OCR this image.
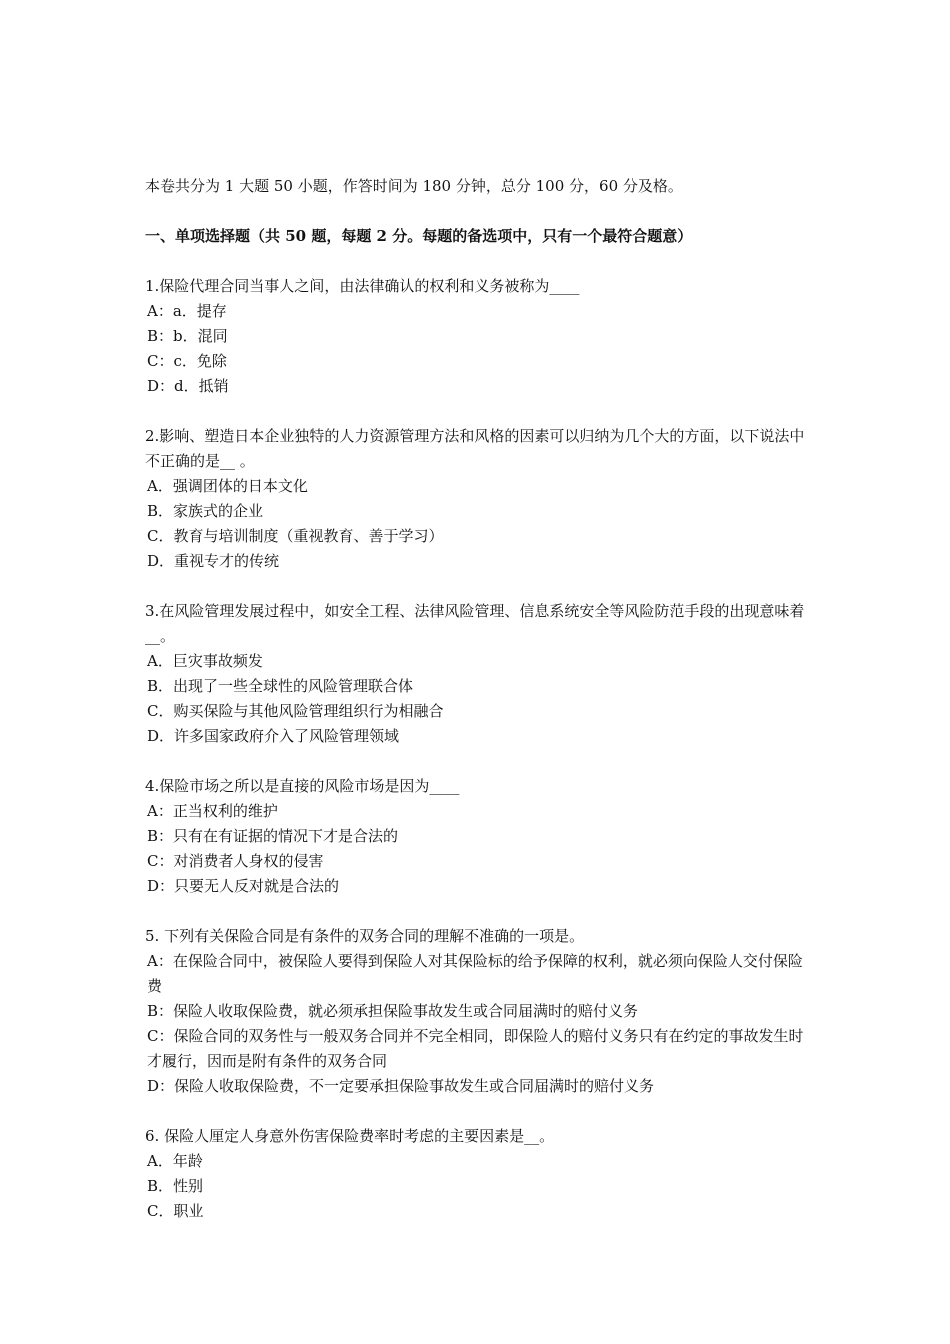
本卷共分为 1 大题 50 小题，作答时间为 180 分钟，总分 100 分，60 分及格。

一、单项选择题（共 50 题，每题 2 分。每题的备选项中，只有一个最符合题意）

1.保险代理合同当事人之间，由法律确认的权利和义务被称为____

A：a．提存

B：b．混同

C：c．免除

D：d．抵销

2.影响、塑造日本企业独特的人力资源管理方法和风格的因素可以归纳为几个大的方面，以下说法中不正确的是__ 。

A．强调团体的日本文化

B．家族式的企业

C．教育与培训制度（重视教育、善于学习）

D．重视专才的传统

3.在风险管理发展过程中，如安全工程、法律风险管理、信息系统安全等风险防范手段的出现意味着__。

A．巨灾事故频发

B．出现了一些全球性的风险管理联合体

C．购买保险与其他风险管理组织行为相融合

D．许多国家政府介入了风险管理领域

4.保险市场之所以是直接的风险市场是因为____

A：正当权利的维护

B：只有在有证据的情况下才是合法的

C：对消费者人身权的侵害

D：只要无人反对就是合法的

5. 下列有关保险合同是有条件的双务合同的理解不准确的一项是。

A：在保险合同中，被保险人要得到保险人对其保险标的给予保障的权利，就必须向保险人交付保险费

B：保险人收取保险费，就必须承担保险事故发生或合同届满时的赔付义务

C：保险合同的双务性与一般双务合同并不完全相同，即保险人的赔付义务只有在约定的事故发生时才履行，因而是附有条件的双务合同

D：保险人收取保险费，不一定要承担保险事故发生或合同届满时的赔付义务

6. 保险人厘定人身意外伤害保险费率时考虑的主要因素是__。

A．年龄

B．性别

C．职业
